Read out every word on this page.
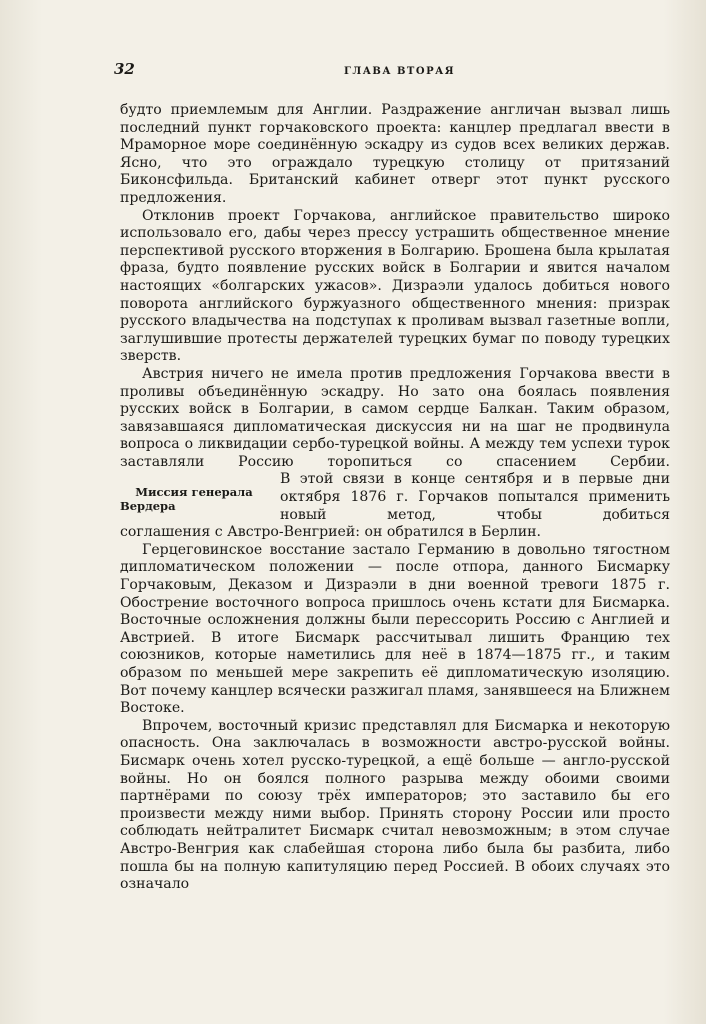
32	ГЛАВА ВТОРАЯ

будто приемлемым для Англии. Раздражение англичан вызвал лишь последний пункт горчаковского проекта: канцлер предлагал ввести в Мраморное море соединённую эскадру из судов всех великих держав. Ясно, что это ограждало турецкую столицу от притязаний Биконсфильда. Британский кабинет отверг этот пункт русского предложения.

Отклонив проект Горчакова, английское правительство широко использовало его, дабы через прессу устрашить общественное мнение перспективой русского вторжения в Болгарию. Брошена была крылатая фраза, будто появление русских войск в Болгарии и явится началом настоящих «болгарских ужасов». Дизраэли удалось добиться нового поворота английского буржуазного общественного мнения: призрак русского владычества на подступах к проливам вызвал газетные вопли, заглушившие протесты держателей турецких бумаг по поводу турецких зверств.

Австрия ничего не имела против предложения Горчакова ввести в проливы объединённую эскадру. Но зато она боялась появления русских войск в Болгарии, в самом сердце Балкан. Таким образом, завязавшаяся дипломатическая дискуссия ни на шаг не продвинула вопроса о ликвидации сербо-турецкой войны. А между тем успехи турок заставляли Россию торопиться со спасением Сербии.

Миссия генерала Вердера
В этой связи в конце сентября и в первые дни октября 1876 г. Горчаков попытался применить новый метод, чтобы добиться

соглашения с Австро-Венгрией: он обратился в Берлин.

Герцеговинское восстание застало Германию в довольно тягостном дипломатическом положении — после отпора, данного Бисмарку Горчаковым, Деказом и Дизраэли в дни военной тревоги 1875 г. Обострение восточного вопроса пришлось очень кстати для Бисмарка. Восточные осложнения должны были перессорить Россию с Англией и Австрией. В итоге Бисмарк рассчитывал лишить Францию тех союзников, которые наметились для неё в 1874—1875 гг., и таким образом по меньшей мере закрепить её дипломатическую изоляцию. Вот почему канцлер всячески разжигал пламя, занявшееся на Ближнем Востоке.

Впрочем, восточный кризис представлял для Бисмарка и некоторую опасность. Она заключалась в возможности австро-русской войны. Бисмарк очень хотел русско-турецкой, а ещё больше — англо-русской войны. Но он боялся полного разрыва между обоими своими партнёрами по союзу трёх императоров; это заставило бы его произвести между ними выбор. Принять сторону России или просто соблюдать нейтралитет Бисмарк считал невозможным; в этом случае Австро-Венгрия как слабейшая сторона либо была бы разбита, либо пошла бы на полную капитуляцию перед Россией. В обоих случаях это означало
